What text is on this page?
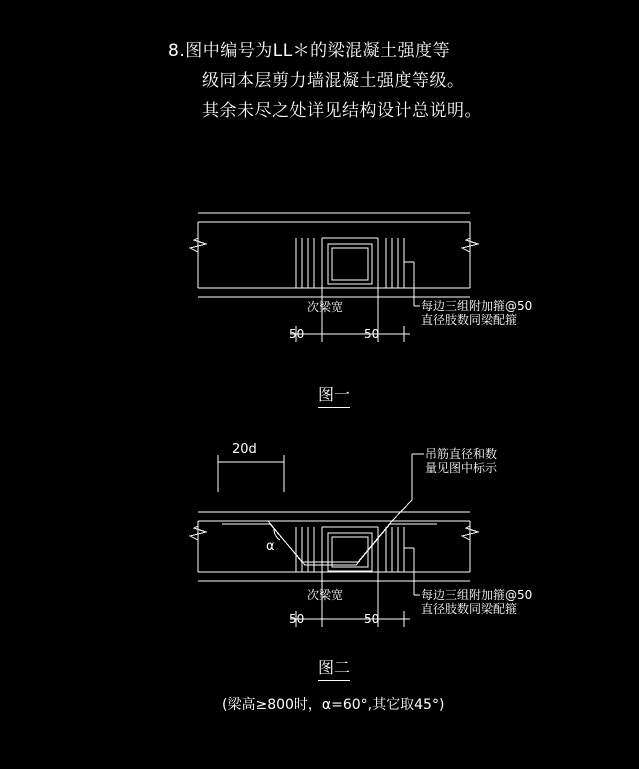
8.图中编号为LL＊的梁混凝土强度等
级同本层剪力墙混凝土强度等级。
其余未尽之处详见结构设计总说明。
次梁宽
50	50
每边三组附加箍@50
直径肢数同梁配箍
图一
20d
α
次梁宽
50	50
每边三组附加箍@50
直径肢数同梁配箍
吊筋直径和数
量见图中标示
图二
(梁高≥800时，α=60°,其它取45°)
